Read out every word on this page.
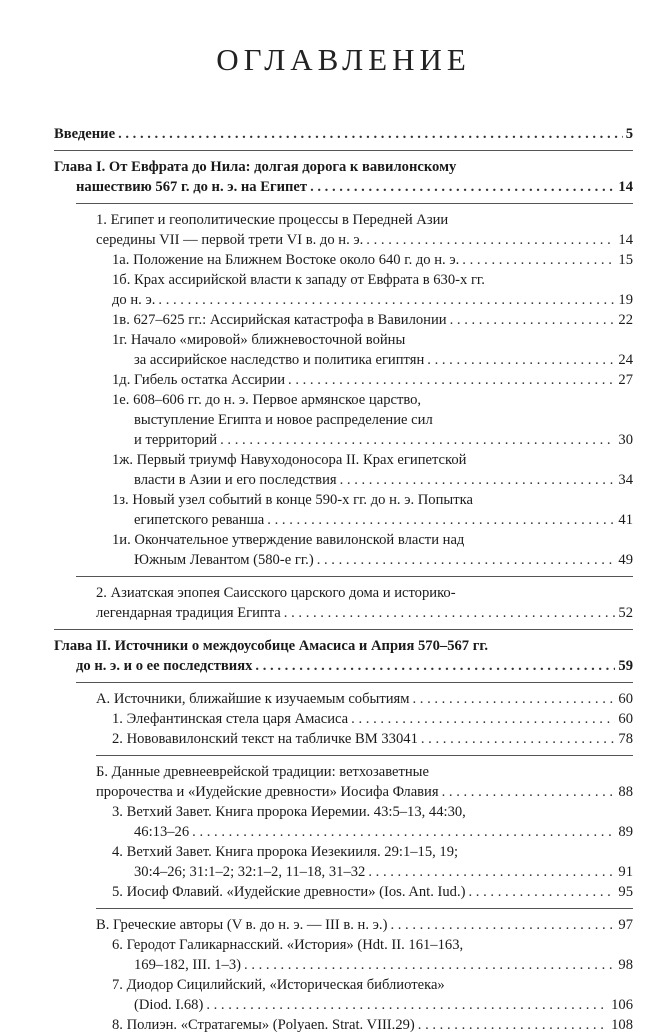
ОГЛАВЛЕНИЕ
Введение . . .	5
Глава I. От Евфрата до Нила: долгая дорога к вавилонскому
нашествию 567 г. до н. э. на Египет . . .	14
1. Египет и геополитические процессы в Передней Азии
середины VII — первой трети VI в. до н. э. . . .	14
1а. Положение на Ближнем Востоке около 640 г. до н. э. . . .	15
1б. Крах ассирийской власти к западу от Евфрата в 630-х гг.
до н. э. . . .	19
1в. 627–625 гг.: Ассирийская катастрофа в Вавилонии . . .	22
1г. Начало «мировой» ближневосточной войны
за ассирийское наследство и политика египтян . . .	24
1д. Гибель остатка Ассирии . . .	27
1е. 608–606 гг. до н. э. Первое армянское царство,
выступление Египта и новое распределение сил
и территорий . . .	30
1ж. Первый триумф Навуходоносора II. Крах египетской
власти в Азии и его последствия . . .	34
1з. Новый узел событий в конце 590-х гг. до н. э. Попытка
египетского реванша . . .	41
1и. Окончательное утверждение вавилонской власти над
Южным Левантом (580-е гг.) . . .	49
2. Азиатская эпопея Саисского царского дома и историко-
легендарная традиция Египта . . .	52
Глава II. Источники о междоусобице Амасиса и Априя 570–567 гг.
до н. э. и о ее последствиях . . .	59
А. Источники, ближайшие к изучаемым событиям . . .	60
1. Элефантинская стела царя Амасиса . . .	60
2. Нововавилонский текст на табличке BM 33041 . . .	78
Б. Данные древнееврейской традиции: ветхозаветные
пророчества и «Иудейские древности» Иосифа Флавия . . .	88
3. Ветхий Завет. Книга пророка Иеремии. 43:5–13, 44:30,
46:13–26 . . .	89
4. Ветхий Завет. Книга пророка Иезекииля. 29:1–15, 19;
30:4–26; 31:1–2; 32:1–2, 11–18, 31–32 . . .	91
5. Иосиф Флавий. «Иудейские древности» (Ios. Ant. Iud.) . . .	95
В. Греческие авторы (V в. до н. э. — III в. н. э.) . . .	97
6. Геродот Галикарнасский. «История» (Hdt. II. 161–163,
169–182, III. 1–3) . . .	98
7. Диодор Сицилийский, «Историческая библиотека»
(Diod. I.68) . . .	106
8. Полиэн. «Стратагемы» (Polyaen. Strat. VIII.29) . . .	108
